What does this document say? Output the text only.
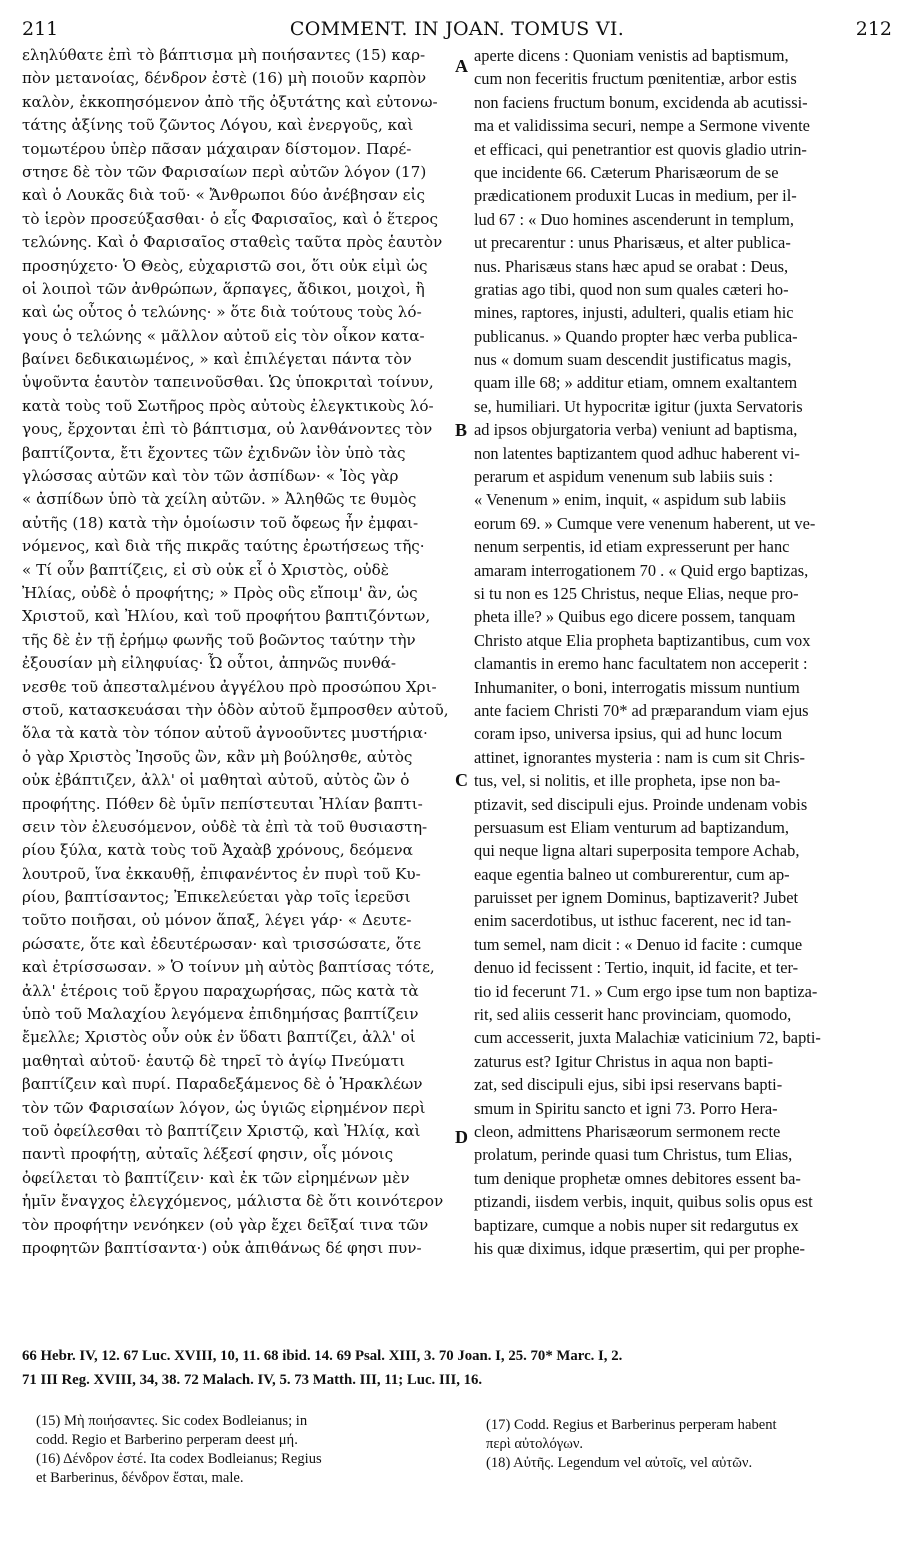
211	COMMENT. IN JOAN. TOMUS VI.	212
εληλύθατε ἐπὶ τὸ βάπτισμα μὴ ποιήσαντες (15) καρ-
πὸν μετανοίας, δένδρον ἐστὲ (16) μὴ ποιοῦν καρπὸν
καλὸν, ἐκκοπησόμενον ἀπὸ τῆς ὀξυτάτης καὶ εὐτονω-
τάτης ἀξίνης τοῦ ζῶντος Λόγου, καὶ ἐνεργοῦς, καὶ
τομωτέρου ὑπὲρ πᾶσαν μάχαιραν δίστομον. Παρέ-
στησε δὲ τὸν τῶν Φαρισαίων περὶ αὐτῶν λόγον (17)
καὶ ὁ Λουκᾶς διὰ τοῦ· « Ἄνθρωποι δύο ἀνέβησαν εἰς
τὸ ἱερὸν προσεύξασθαι· ὁ εἷς Φαρισαῖος, καὶ ὁ ἕτερος
τελώνης. Καὶ ὁ Φαρισαῖος σταθεὶς ταῦτα πρὸς ἑαυτὸν
προσηύχετο· Ὁ Θεὸς, εὐχαριστῶ σοι, ὅτι οὐκ εἰμὶ ὡς
οἱ λοιποὶ τῶν ἀνθρώπων, ἅρπαγες, ἄδικοι, μοιχοὶ, ἢ
καὶ ὡς οὗτος ὁ τελώνης· » ὅτε διὰ τούτους τοὺς λό-
γους ὁ τελώνης « μᾶλλον αὐτοῦ εἰς τὸν οἶκον κατα-
βαίνει δεδικαιωμένος, » καὶ ἐπιλέγεται πάντα τὸν
ὑψοῦντα ἑαυτὸν ταπεινοῦσθαι. Ὡς ὑποκριταὶ τοίνυν,
κατὰ τοὺς τοῦ Σωτῆρος πρὸς αὐτοὺς ἐλεγκτικοὺς λό-
γους, ἔρχονται ἐπὶ τὸ βάπτισμα, οὐ λανθάνοντες τὸν
βαπτίζοντα, ἔτι ἔχοντες τῶν ἐχιδνῶν ἰὸν ὑπὸ τὰς
γλώσσας αὐτῶν καὶ τὸν τῶν ἀσπίδων· « Ἰὸς γὰρ
« ἀσπίδων ὑπὸ τὰ χείλη αὐτῶν. » Ἀληθῶς τε θυμὸς
αὐτῆς (18) κατὰ τὴν ὁμοίωσιν τοῦ ὄφεως ἦν ἐμφαι-
νόμενος, καὶ διὰ τῆς πικρᾶς ταύτης ἐρωτήσεως τῆς·
« Τί οὖν βαπτίζεις, εἰ σὺ οὐκ εἶ ὁ Χριστὸς, οὐδὲ
Ἠλίας, οὐδὲ ὁ προφήτης; » Πρὸς οὓς εἴποιμ' ἂν, ὡς
Χριστοῦ, καὶ Ἠλίου, καὶ τοῦ προφήτου βαπτιζόντων,
τῆς δὲ ἐν τῇ ἐρήμῳ φωνῆς τοῦ βοῶντος ταύτην τὴν
ἐξουσίαν μὴ εἰληφυίας· Ὦ οὗτοι, ἀπηνῶς πυνθά-
νεσθε τοῦ ἀπεσταλμένου ἀγγέλου πρὸ προσώπου Χρι-
στοῦ, κατασκευάσαι τὴν ὁδὸν αὐτοῦ ἔμπροσθεν αὐτοῦ,
ὅλα τὰ κατὰ τὸν τόπον αὐτοῦ ἀγνοοῦντες μυστήρια·
ὁ γὰρ Χριστὸς Ἰησοῦς ὢν, κἂν μὴ βούλησθε, αὐτὸς
οὐκ ἐβάπτιζεν, ἀλλ' οἱ μαθηταὶ αὐτοῦ, αὐτὸς ὢν ὁ
προφήτης. Πόθεν δὲ ὑμῖν πεπίστευται Ἠλίαν βαπτι-
σειν τὸν ἐλευσόμενον, οὐδὲ τὰ ἐπὶ τὰ τοῦ θυσιαστη-
ρίου ξύλα, κατὰ τοὺς τοῦ Ἀχαὰβ χρόνους, δεόμενα
λουτροῦ, ἵνα ἐκκαυθῇ, ἐπιφανέντος ἐν πυρὶ τοῦ Κυ-
ρίου, βαπτίσαντος; Ἐπικελεύεται γὰρ τοῖς ἱερεῦσι
τοῦτο ποιῆσαι, οὐ μόνον ἅπαξ, λέγει γάρ· « Δευτε-
ρώσατε, ὅτε καὶ ἐδευτέρωσαν· καὶ τρισσώσατε, ὅτε
καὶ ἐτρίσσωσαν. » Ὁ τοίνυν μὴ αὐτὸς βαπτίσας τότε,
ἀλλ' ἑτέροις τοῦ ἔργου παραχωρήσας, πῶς κατὰ τὰ
ὑπὸ τοῦ Μαλαχίου λεγόμενα ἐπιδημήσας βαπτίζειν
ἔμελλε; Χριστὸς οὖν οὐκ ἐν ὕδατι βαπτίζει, ἀλλ' οἱ
μαθηταὶ αὐτοῦ· ἑαυτῷ δὲ τηρεῖ τὸ ἁγίῳ Πνεύματι
βαπτίζειν καὶ πυρί. Παραδεξάμενος δὲ ὁ Ἡρακλέων
τὸν τῶν Φαρισαίων λόγον, ὡς ὑγιῶς εἰρημένον περὶ
τοῦ ὀφείλεσθαι τὸ βαπτίζειν Χριστῷ, καὶ Ἠλίᾳ, καὶ
παντὶ προφήτῃ, αὐταῖς λέξεσί φησιν, οἷς μόνοις
ὀφείλεται τὸ βαπτίζειν· καὶ ἐκ τῶν εἰρημένων μὲν
ἡμῖν ἔναγχος ἐλεγχόμενος, μάλιστα δὲ ὅτι κοινότερον
τὸν προφήτην νενόηκεν (οὐ γὰρ ἔχει δεῖξαί τινα τῶν
προφητῶν βαπτίσαντα·) οὐκ ἀπιθάνως δέ φησι πυν-
aperte dicens : Quoniam venistis ad baptismum,
cum non feceritis fructum pœnitentiæ, arbor estis
non faciens fructum bonum, excidenda ab acutissi-
ma et validissima securi, nempe a Sermone vivente
et efficaci, qui penetrantior est quovis gladio utrin-
que incidente 66. Cæterum Pharisæorum de se
prædicationem produxit Lucas in medium, per il-
lud 67 : « Duo homines ascenderunt in templum,
ut precarentur : unus Pharisæus, et alter publica-
nus. Pharisæus stans hæc apud se orabat : Deus,
gratias ago tibi, quod non sum quales cæteri ho-
mines, raptores, injusti, adulteri, qualis etiam hic
publicanus. » Quando propter hæc verba publica-
nus « domum suam descendit justificatus magis,
quam ille 68; » additur etiam, omnem exaltantem
se, humiliari. Ut hypocritæ igitur (juxta Servatoris
ad ipsos objurgatoria verba) veniunt ad baptisma,
non latentes baptizantem quod adhuc haberent vi-
perarum et aspidum venenum sub labiis suis :
« Venenum » enim, inquit, « aspidum sub labiis
eorum 69. » Cumque vere venenum haberent, ut ve-
nenum serpentis, id etiam expresserunt per hanc
amaram interrogationem 70 . « Quid ergo baptizas,
si tu non es 125 Christus, neque Elias, neque pro-
pheta ille? » Quibus ego dicere possem, tanquam
Christo atque Elia propheta baptizantibus, cum vox
clamantis in eremo hanc facultatem non acceperit :
Inhumaniter, o boni, interrogatis missum nuntium
ante faciem Christi 70* ad præparandum viam ejus
coram ipso, universa ipsius, qui ad hunc locum
attinet, ignorantes mysteria : nam is cum sit Chris-
tus, vel, si nolitis, et ille propheta, ipse non ba-
ptizavit, sed discipuli ejus. Proinde undenam vobis
persuasum est Eliam venturum ad baptizandum,
qui neque ligna altari superposita tempore Achab,
eaque egentia balneo ut comburerentur, cum ap-
paruisset per ignem Dominus, baptizaverit? Jubet
enim sacerdotibus, ut isthuc facerent, nec id tan-
tum semel, nam dicit : « Denuo id facite : cumque
denuo id fecissent : Tertio, inquit, id facite, et ter-
tio id fecerunt 71. » Cum ergo ipse tum non baptiza-
rit, sed aliis cesserit hanc provinciam, quomodo,
cum accesserit, juxta Malachiæ vaticinium 72, bapti-
zaturus est? Igitur Christus in aqua non bapti-
zat, sed discipuli ejus, sibi ipsi reservans bapti-
smum in Spiritu sancto et igni 73. Porro Hera-
cleon, admittens Pharisæorum sermonem recte
prolatum, perinde quasi tum Christus, tum Elias,
tum denique prophetæ omnes debitores essent ba-
ptizandi, iisdem verbis, inquit, quibus solis opus est
baptizare, cumque a nobis nuper sit redargutus ex
his quæ diximus, idque præsertim, qui per prophe-
A
B
C
D
66 Hebr. IV, 12. 67 Luc. XVIII, 10, 11. 68 ibid. 14. 69 Psal. XIII, 3. 70 Joan. I, 25. 70* Marc. I, 2.
71 III Reg. XVIII, 34, 38. 72 Malach. IV, 5. 73 Matth. III, 11; Luc. III, 16.
(15) Μὴ ποιήσαντες. Sic codex Bodleianus; in
codd. Regio et Barberino perperam deest μή.
(16) Δένδρον ἐστέ. Ita codex Bodleianus; Regius
et Barberinus, δένδρον ἔσται, male.
(17) Codd. Regius et Barberinus perperam habent
περὶ αὐτολόγων.
(18) Αὐτῆς. Legendum vel αὐτοῖς, vel αὐτῶν.
